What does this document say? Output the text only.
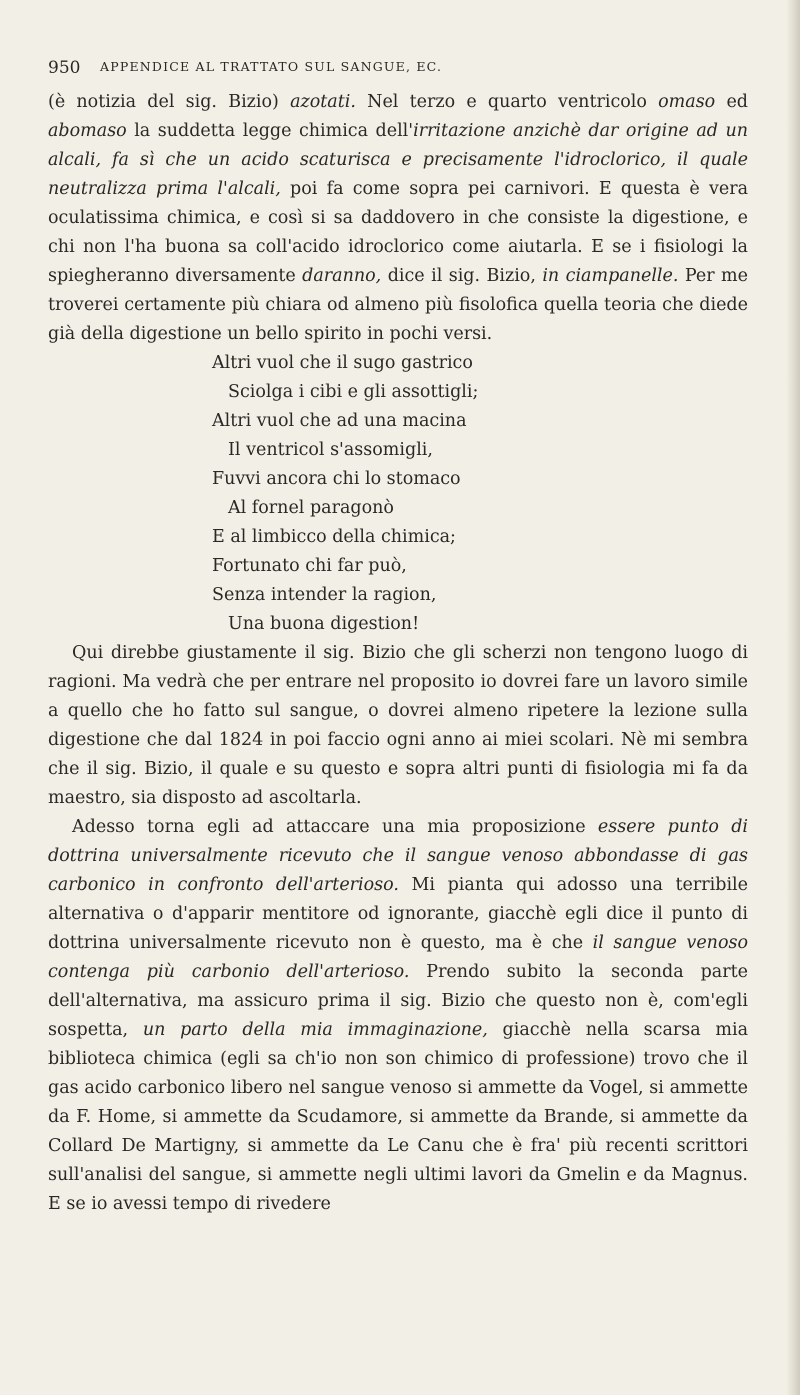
950 APPENDICE AL TRATTATO SUL SANGUE, EC.

(è notizia del sig. Bizio) azotati. Nel terzo e quarto ventricolo omaso ed abomaso la suddetta legge chimica dell'irritazione anzichè dar origine ad un alcali, fa sì che un acido scaturisca e precisamente l'idroclorico, il quale neutralizza prima l'alcali, poi fa come sopra pei carnivori. E questa è vera oculatissima chimica, e così si sa daddovero in che consiste la digestione, e chi non l'ha buona sa coll'acido idroclorico come aiutarla. E se i fisiologi la spiegheranno diversamente daranno, dice il sig. Bizio, in ciampanelle. Per me troverei certamente più chiara od almeno più fisolofica quella teoria che diede già della digestione un bello spirito in pochi versi.

Altri vuol che il sugo gastrico
Sciolga i cibi e gli assottigli;
Altri vuol che ad una macina
Il ventricol s'assomigli,
Fuvvi ancora chi lo stomaco
Al fornel paragonò
E al limbicco della chimica;
Fortunato chi far può,
Senza intender la ragion,
Una buona digestion!

Qui direbbe giustamente il sig. Bizio che gli scherzi non tengono luogo di ragioni. Ma vedrà che per entrare nel proposito io dovrei fare un lavoro simile a quello che ho fatto sul sangue, o dovrei almeno ripetere la lezione sulla digestione che dal 1824 in poi faccio ogni anno ai miei scolari. Nè mi sembra che il sig. Bizio, il quale e su questo e sopra altri punti di fisiologia mi fa da maestro, sia disposto ad ascoltarla.

Adesso torna egli ad attaccare una mia proposizione essere punto di dottrina universalmente ricevuto che il sangue venoso abbondasse di gas carbonico in confronto dell'arterioso. Mi pianta qui adosso una terribile alternativa o d'apparir mentitore od ignorante, giacchè egli dice il punto di dottrina universalmente ricevuto non è questo, ma è che il sangue venoso contenga più carbonio dell'arterioso. Prendo subito la seconda parte dell'alternativa, ma assicuro prima il sig. Bizio che questo non è, com'egli sospetta, un parto della mia immaginazione, giacchè nella scarsa mia biblioteca chimica (egli sa ch'io non son chimico di professione) trovo che il gas acido carbonico libero nel sangue venoso si ammette da Vogel, si ammette da F. Home, si ammette da Scudamore, si ammette da Brande, si ammette da Collard De Martigny, si ammette da Le Canu che è fra' più recenti scrittori sull'analisi del sangue, si ammette negli ultimi lavori da Gmelin e da Magnus. E se io avessi tempo di rivedere
